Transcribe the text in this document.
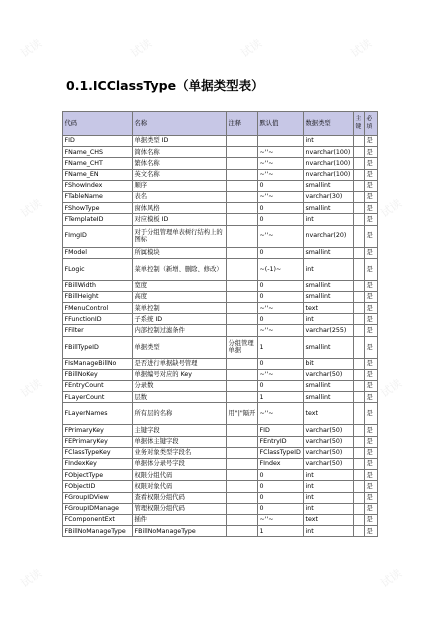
试读	试读	试读	试读
试读	试读
试读	试读
试读	试读
0.1.ICClassType（单据类型表）
代码	名称	注释	默认值	数据类型	主键	必填
FID	单据类型 ID			int		是
FName_CHS	简体名称		~''~	nvarchar(100)		是
FName_CHT	繁体名称		~''~	nvarchar(100)		是
FName_EN	英文名称		~''~	nvarchar(100)		是
FShowIndex	顺序		0	smallint		是
FTableName	表名		~''~	varchar(30)		是
FShowType	窗体风格		0	smallint		是
FTemplateID	对应模板 ID		0	int		是
FImgID	对于分组管理单表树行结构上的图标		~''~	nvarchar(20)		是
FModel	所属模块		0	smallint		是
FLogic	菜单控制（新增、删除、修改）		~(-1)~	int		是
FBillWidth	宽度		0	smallint		是
FBillHeight	高度		0	smallint		是
FMenuControl	菜单控制		~''~	text		是
FFunctionID	子系统 ID		0	int		是
FFilter	内部控制过滤条件		~''~	varchar(255)		是
FBillTypeID	单据类型	分组管理单据	1	smallint		是
FIsManageBillNo	是否进行单据缺号管理		0	bit		是
FBillNoKey	单据编号对应的 Key		~''~	varchar(50)		是
FEntryCount	分录数		0	smallint		是
FLayerCount	层数		1	smallint		是
FLayerNames	所有层的名称	用"|"隔开	~''~	text		是
FPrimaryKey	主键字段		FID	varchar(50)		是
FEPrimaryKey	单据体主键字段		FEntryID	varchar(50)		是
FClassTypeKey	业务对象类型字段名		FClassTypeID	varchar(50)		是
FIndexKey	单据体分录号字段		FIndex	varchar(50)		是
FObjectType	权限分组代码		0	int		是
FObjectID	权限对象代码		0	int		是
FGroupIDView	查看权限分组代码		0	int		是
FGroupIDManage	管理权限分组代码		0	int		是
FComponentExt	插件		~''~	text		是
FBillNoManageType	FBillNoManageType		1	int		是
